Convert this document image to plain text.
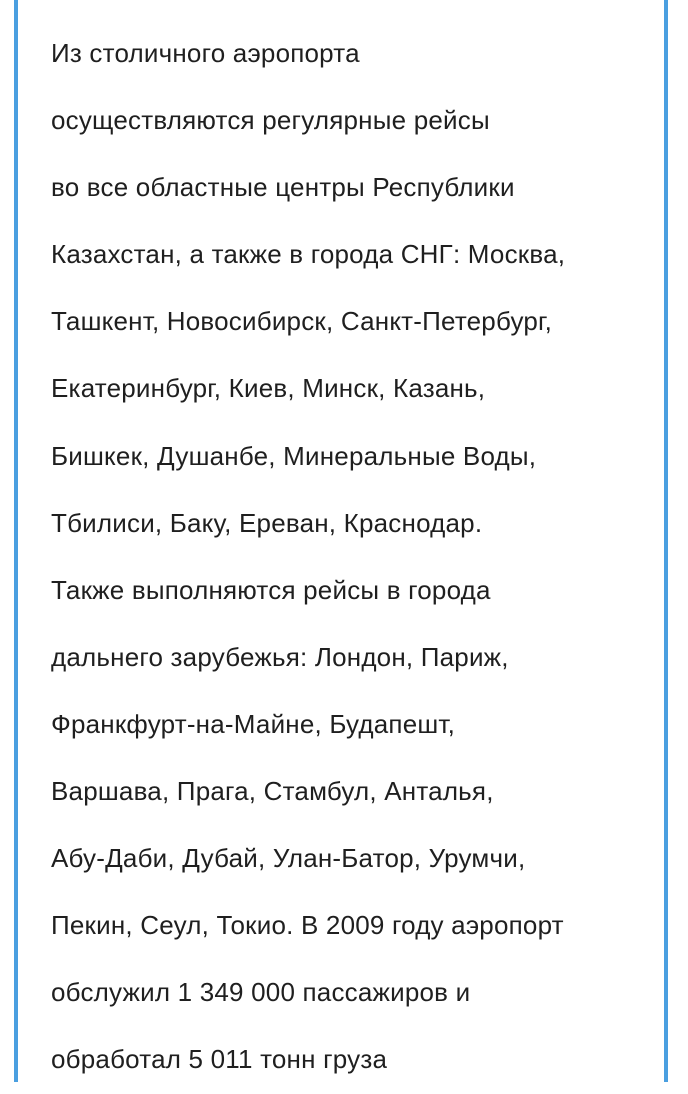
Из столичного аэропорта
осуществляются регулярные рейсы
во все областные центры Республики
Казахстан, а также в города СНГ: Москва,
Ташкент, Новосибирск, Санкт-Петербург,
Екатеринбург, Киев, Минск, Казань,
Бишкек, Душанбе, Минеральные Воды,
Тбилиси, Баку, Ереван, Краснодар.
Также выполняются рейсы в города
дальнего зарубежья: Лондон, Париж,
Франкфурт-на-Майне, Будапешт,
Варшава, Прага, Стамбул, Анталья,
Абу-Даби, Дубай, Улан-Батор, Урумчи,
Пекин, Сеул, Токио. В 2009 году аэропорт
обслужил 1 349 000 пассажиров и
обработал 5 011 тонн груза
